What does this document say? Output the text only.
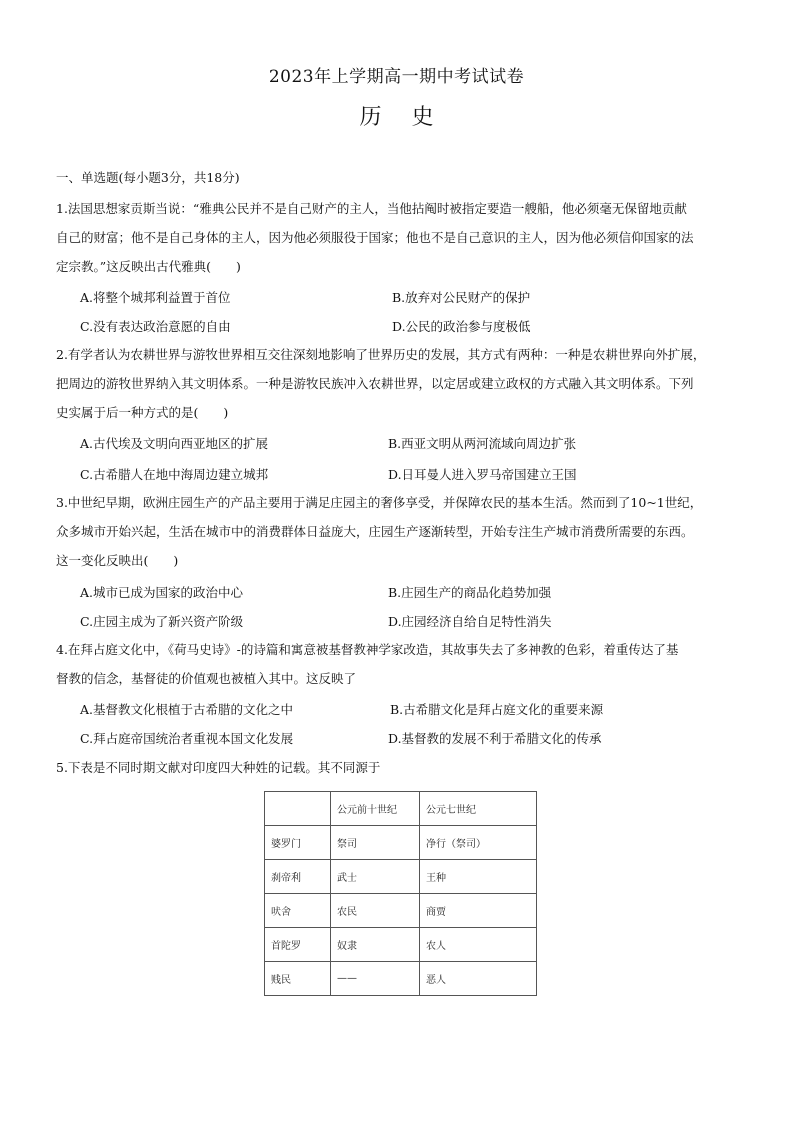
2023年上学期高一期中考试试卷
历史
一、单选题(每小题3分，共18分)

1.法国思想家贡斯当说：“雅典公民并不是自己财产的主人，当他拈阄时被指定要造一艘船，他必须毫无保留地贡献

自己的财富；他不是自己身体的主人，因为他必须服役于国家；他也不是自己意识的主人，因为他必须信仰国家的法

定宗教。”这反映出古代雅典(　　)

A.将整个城邦利益置于首位	B.放弃对公民财产的保护
C.没有表达政治意愿的自由	D.公民的政治参与度极低

2.有学者认为农耕世界与游牧世界相互交往深刻地影响了世界历史的发展，其方式有两种：一种是农耕世界向外扩展，

把周边的游牧世界纳入其文明体系。一种是游牧民族冲入农耕世界，以定居或建立政权的方式融入其文明体系。下列

史实属于后一种方式的是(　　)

A.古代埃及文明向西亚地区的扩展	B.西亚文明从两河流域向周边扩张
C.古希腊人在地中海周边建立城邦	D.日耳曼人进入罗马帝国建立王国

3.中世纪早期，欧洲庄园生产的产品主要用于满足庄园主的奢侈享受，并保障农民的基本生活。然而到了10~1世纪，

众多城市开始兴起，生活在城市中的消费群体日益庞大，庄园生产逐渐转型，开始专注生产城市消费所需要的东西。

这一变化反映出(　　)

A.城市已成为国家的政治中心	B.庄园生产的商品化趋势加强
C.庄园主成为了新兴资产阶级	D.庄园经济自给自足特性消失

4.在拜占庭文化中，《荷马史诗》-的诗篇和寓意被基督教神学家改造，其故事失去了多神教的色彩，着重传达了基

督教的信念，基督徒的价值观也被植入其中。这反映了

A.基督教文化根植于古希腊的文化之中	B.古希腊文化是拜占庭文化的重要来源
C.拜占庭帝国统治者重视本国文化发展	D.基督教的发展不利于希腊文化的传承

5.下表是不同时期文献对印度四大种姓的记载。其不同源于

	公元前十世纪	公元七世纪
婆罗门	祭司	净行（祭司）
刹帝利	武士	王种
吠舍	农民	商贾
首陀罗	奴隶	农人
贱民	——	恶人
